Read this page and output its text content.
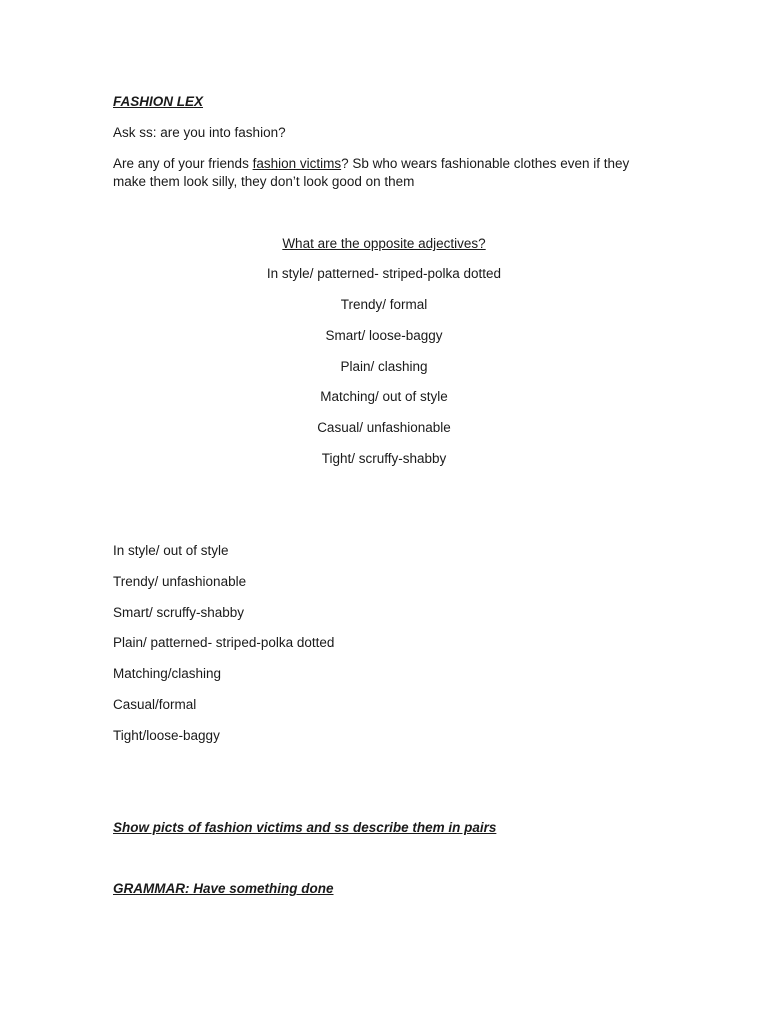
FASHION LEX
Ask ss: are you into fashion?
Are any of your friends fashion victims? Sb who wears fashionable clothes even if they make them look silly, they don’t look good on them
What are the opposite adjectives?
In style/ patterned- striped-polka dotted
Trendy/ formal
Smart/ loose-baggy
Plain/ clashing
Matching/ out of style
Casual/ unfashionable
Tight/ scruffy-shabby
In style/ out of style
Trendy/ unfashionable
Smart/ scruffy-shabby
Plain/ patterned- striped-polka dotted
Matching/clashing
Casual/formal
Tight/loose-baggy
Show picts of fashion victims and ss describe them in pairs
GRAMMAR: Have something done
